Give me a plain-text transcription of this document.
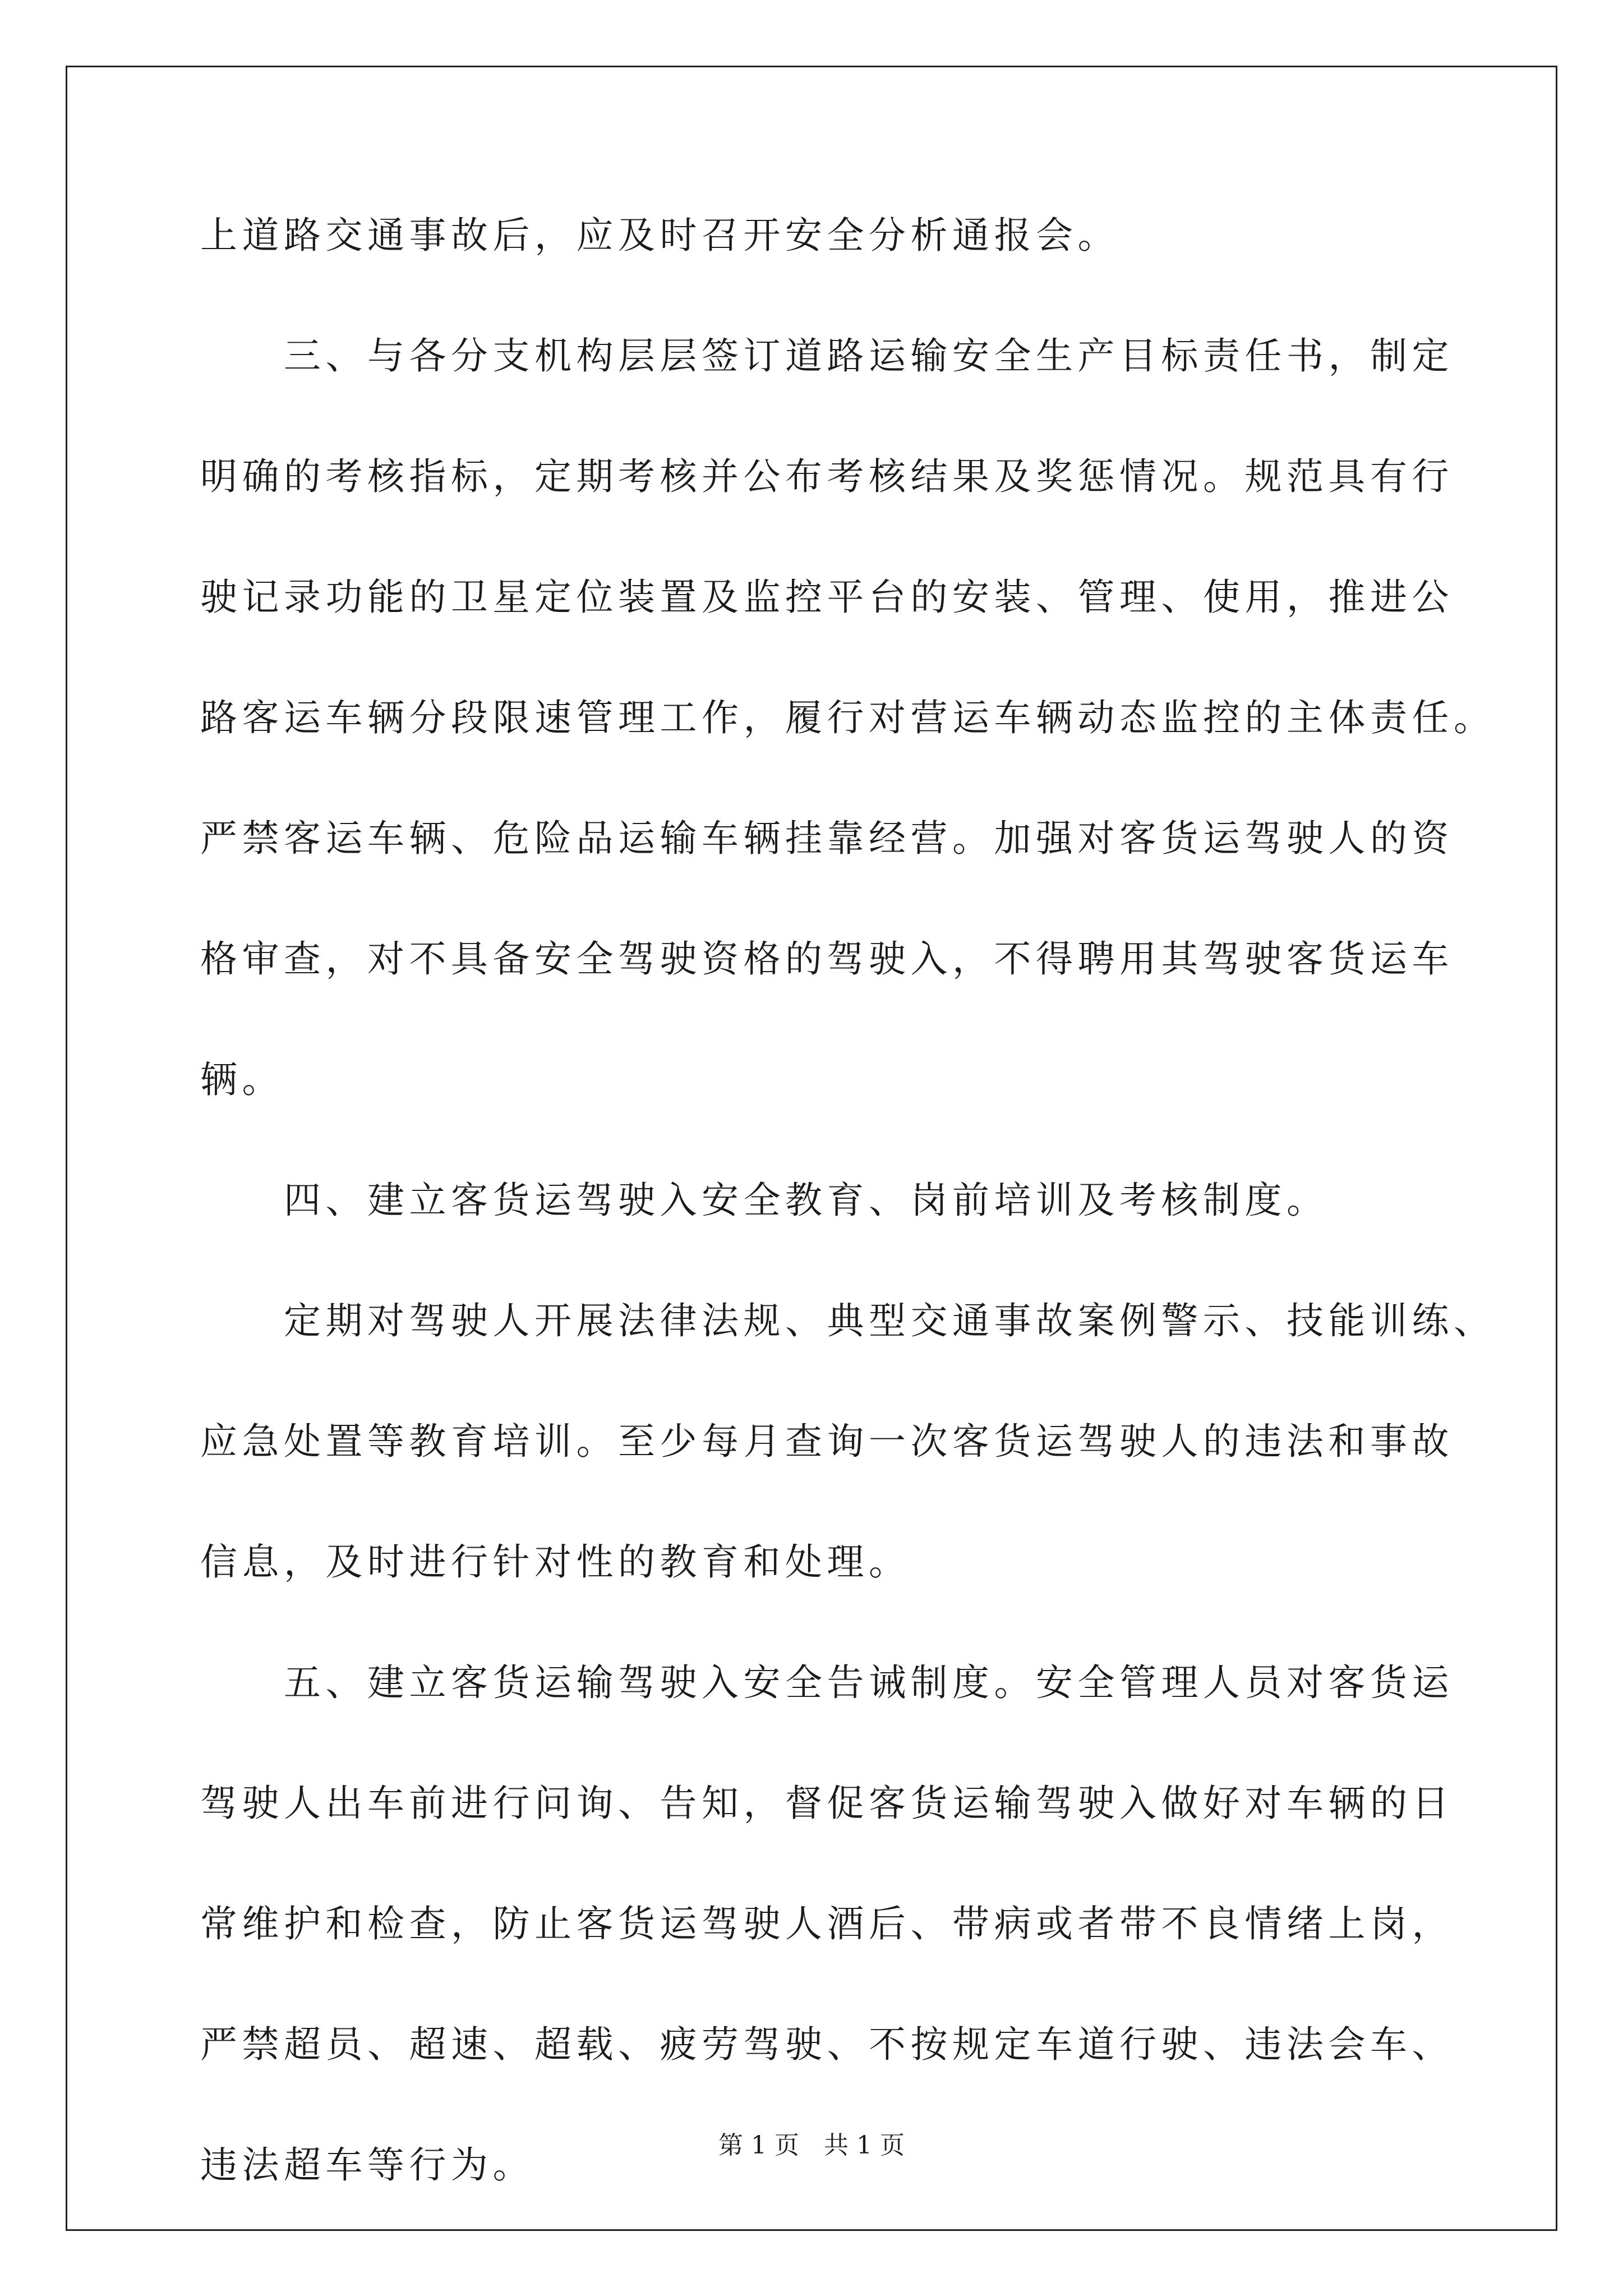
上道路交通事故后，应及时召开安全分析通报会。
　　三、与各分支机构层层签订道路运输安全生产目标责任书，制定
明确的考核指标，定期考核并公布考核结果及奖惩情况。规范具有行
驶记录功能的卫星定位装置及监控平台的安装、管理、使用，推进公
路客运车辆分段限速管理工作，履行对营运车辆动态监控的主体责任。
严禁客运车辆、危险品运输车辆挂靠经营。加强对客货运驾驶人的资
格审查，对不具备安全驾驶资格的驾驶入，不得聘用其驾驶客货运车
辆。
　　四、建立客货运驾驶入安全教育、岗前培训及考核制度。
　　定期对驾驶人开展法律法规、典型交通事故案例警示、技能训练、
应急处置等教育培训。至少每月查询一次客货运驾驶人的违法和事故
信息，及时进行针对性的教育和处理。
　　五、建立客货运输驾驶入安全告诫制度。安全管理人员对客货运
驾驶人出车前进行问询、告知，督促客货运输驾驶入做好对车辆的日
常维护和检查，防止客货运驾驶人酒后、带病或者带不良情绪上岗，
严禁超员、超速、超载、疲劳驾驶、不按规定车道行驶、违法会车、
违法超车等行为。	第 1 页　共 1 页
